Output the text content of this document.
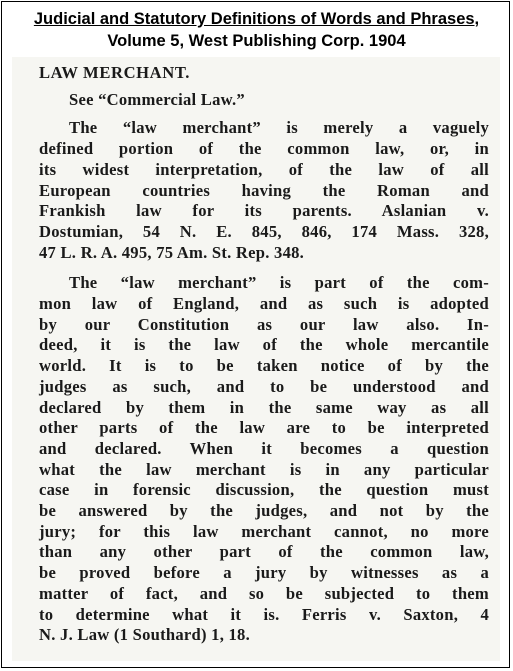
Judicial and Statutory Definitions of Words and Phrases,
Volume 5, West Publishing Corp. 1904
LAW MERCHANT.
See “Commercial Law.”
The “law merchant” is merely a vaguely
defined portion of the common law, or, in
its widest interpretation, of the law of all
European countries having the Roman and
Frankish law for its parents. Aslanian v.
Dostumian, 54 N. E. 845, 846, 174 Mass. 328,
47 L. R. A. 495, 75 Am. St. Rep. 348.
The “law merchant” is part of the com-
mon law of England, and as such is adopted
by our Constitution as our law also. In-
deed, it is the law of the whole mercantile
world. It is to be taken notice of by the
judges as such, and to be understood and
declared by them in the same way as all
other parts of the law are to be interpreted
and declared. When it becomes a question
what the law merchant is in any particular
case in forensic discussion, the question must
be answered by the judges, and not by the
jury; for this law merchant cannot, no more
than any other part of the common law,
be proved before a jury by witnesses as a
matter of fact, and so be subjected to them
to determine what it is. Ferris v. Saxton, 4
N. J. Law (1 Southard) 1, 18.
